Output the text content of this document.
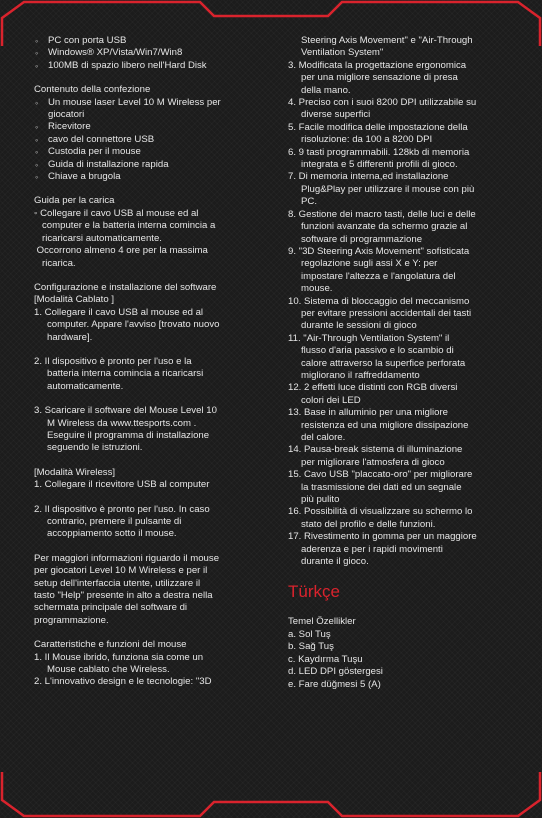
◦ PC con porta USB
◦ Windows® XP/Vista/Win7/Win8
◦ 100MB di spazio libero nell'Hard Disk
Contenuto della confezione
◦ Un mouse laser Level 10 M Wireless per
giocatori
◦ Ricevitore
◦ cavo del connettore USB
◦ Custodia per il mouse
◦ Guida di installazione rapida
◦ Chiave a brugola
Guida per la carica
◦ Collegare il cavo USB al mouse ed al
computer e la batteria interna comincia a
ricaricarsi automaticamente.
Occorrono almeno 4 ore per la massima
ricarica.
Configurazione e installazione del software
[Modalità Cablato ]
1. Collegare il cavo USB al mouse ed al
computer. Appare l'avviso [trovato nuovo
hardware].
2. Il dispositivo è pronto per l'uso e la
batteria interna comincia a ricaricarsi
automaticamente.
3. Scaricare il software del Mouse Level 10
M Wireless da www.ttesports.com .
Eseguire il programma di installazione
seguendo le istruzioni.
[Modalità Wireless]
1. Collegare il ricevitore USB al computer
2. Il dispositivo è pronto per l'uso. In caso
contrario, premere il pulsante di
accoppiamento sotto il mouse.
Per maggiori informazioni riguardo il mouse
per giocatori Level 10 M Wireless e per il
setup dell'interfaccia utente, utilizzare il
tasto "Help" presente in alto a destra nella
schermata principale del software di
programmazione.
Caratteristiche e funzioni del mouse
1. Il Mouse ibrido, funziona sia come un
Mouse cablato che Wireless.
2. L'innovativo design e le tecnologie: "3D
Steering Axis Movement" e "Air-Through
Ventilation System"
3. Modificata la progettazione ergonomica
per una migliore sensazione di presa
della mano.
4. Preciso con i suoi 8200 DPI utilizzabile su
diverse superfici
5. Facile modifica delle impostazione della
risoluzione: da 100 a 8200 DPI
6. 9 tasti programmabili. 128kb di memoria
integrata e 5 differenti profili di gioco.
7. Di memoria interna,ed installazione
Plug&Play per utilizzare il mouse con più
PC.
8. Gestione dei macro tasti, delle luci e delle
funzioni avanzate da schermo grazie al
software di programmazione
9. "3D Steering Axis Movement" sofisticata
regolazione sugli assi X e Y: per
impostare l'altezza e l'angolatura del
mouse.
10. Sistema di bloccaggio del meccanismo
per evitare pressioni accidentali dei tasti
durante le sessioni di gioco
11. "Air-Through Ventilation System" il
flusso d'aria passivo e lo scambio di
calore attraverso la superfice perforata
migliorano il raffreddamento
12. 2 effetti luce distinti con RGB diversi
colori dei LED
13. Base in alluminio per una migliore
resistenza ed una migliore dissipazione
del calore.
14. Pausa-break sistema di illuminazione
per migliorare l'atmosfera di gioco
15. Cavo USB "placcato-oro" per migliorare
la trasmissione dei dati ed un segnale
più pulito
16. Possibilità di visualizzare su schermo lo
stato del profilo e delle funzioni.
17. Rivestimento in gomma per un maggiore
aderenza e per i rapidi movimenti
durante il gioco.
Türkçe
Temel Özellikler
a. Sol Tuş
b. Sağ Tuş
c. Kaydırma Tuşu
d. LED DPI göstergesi
e. Fare düğmesi 5 (A)
